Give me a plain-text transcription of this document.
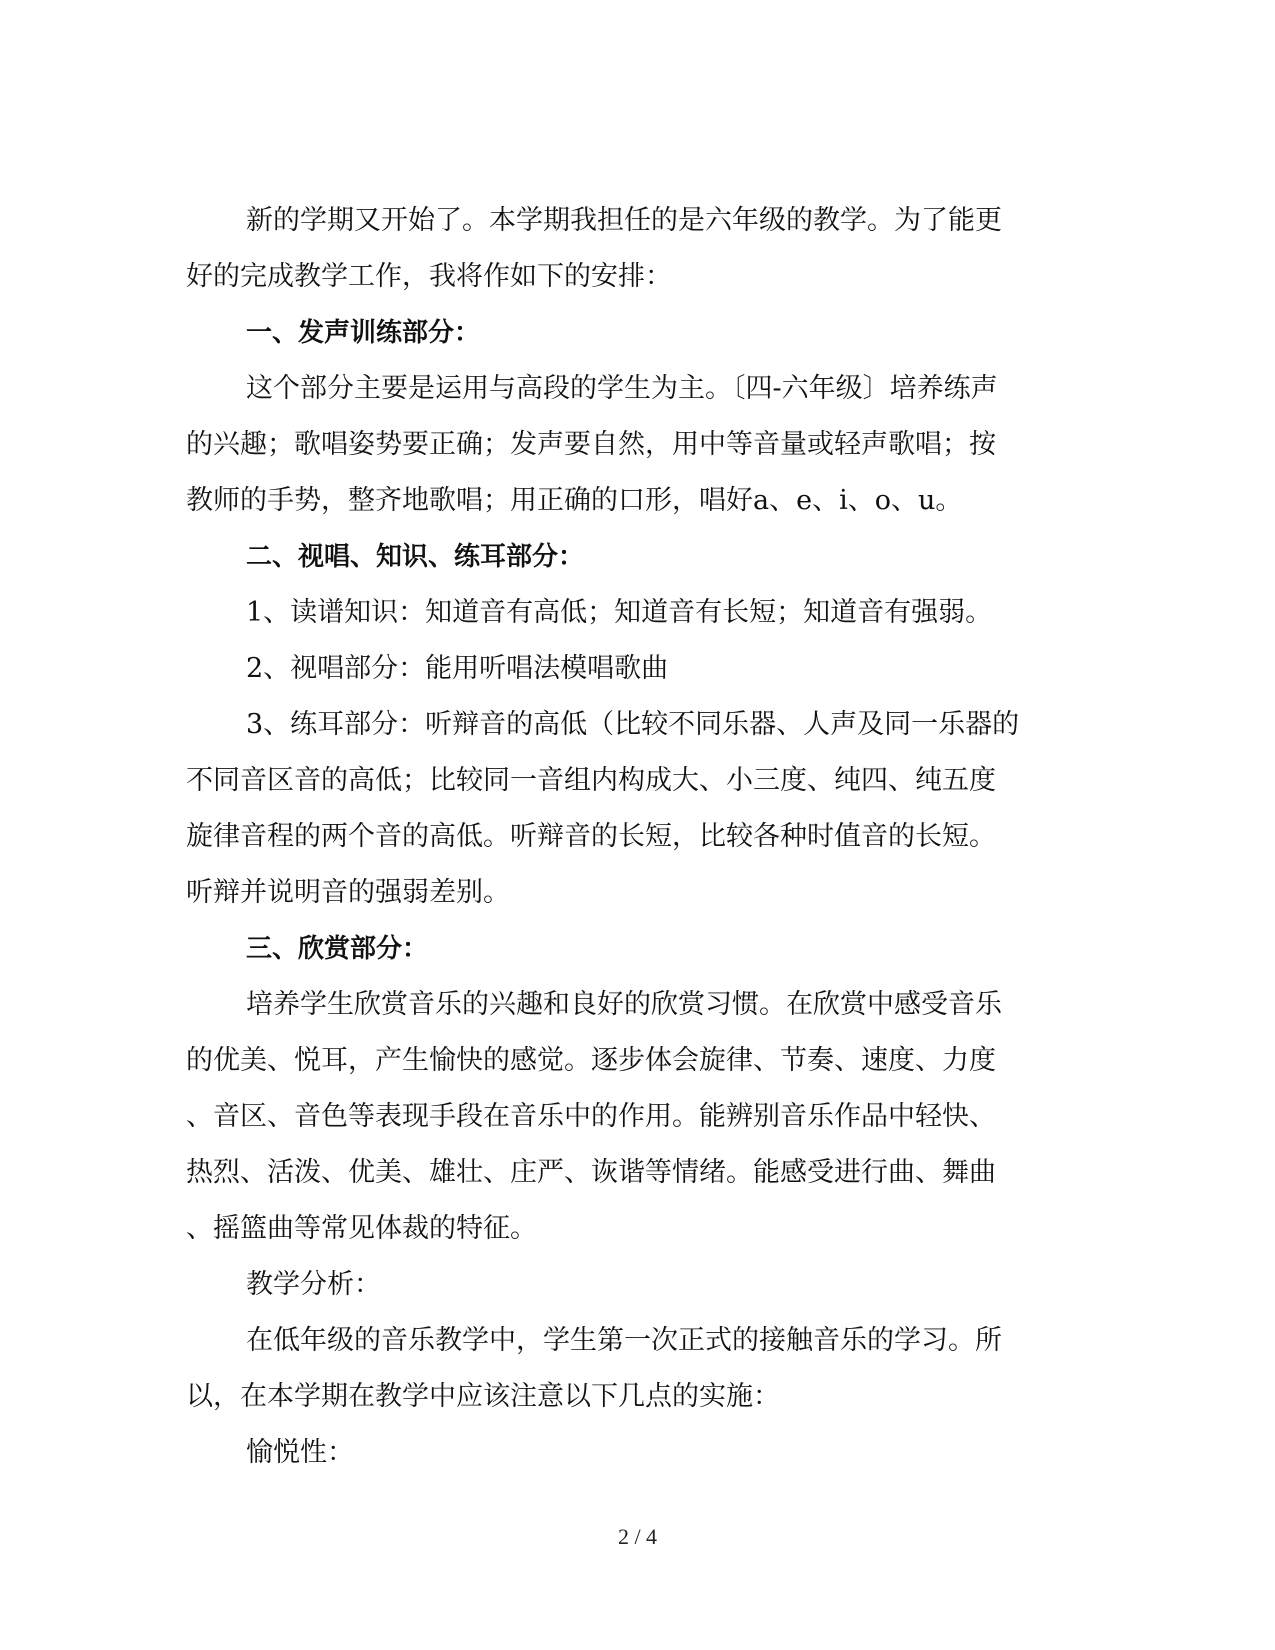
新的学期又开始了。本学期我担任的是六年级的教学。为了能更

好的完成教学工作，我将作如下的安排：

一、发声训练部分：

这个部分主要是运用与高段的学生为主。〔四-六年级〕培养练声

的兴趣；歌唱姿势要正确；发声要自然，用中等音量或轻声歌唱；按

教师的手势，整齐地歌唱；用正确的口形，唱好a、e、i、o、u。

二、视唱、知识、练耳部分：

1、读谱知识：知道音有高低；知道音有长短；知道音有强弱。

2、视唱部分：能用听唱法模唱歌曲

3、练耳部分：听辩音的高低（比较不同乐器、人声及同一乐器的

不同音区音的高低；比较同一音组内构成大、小三度、纯四、纯五度

旋律音程的两个音的高低。听辩音的长短，比较各种时值音的长短。

听辩并说明音的强弱差别。

三、欣赏部分：

培养学生欣赏音乐的兴趣和良好的欣赏习惯。在欣赏中感受音乐

的优美、悦耳，产生愉快的感觉。逐步体会旋律、节奏、速度、力度

、音区、音色等表现手段在音乐中的作用。能辨别音乐作品中轻快、

热烈、活泼、优美、雄壮、庄严、诙谐等情绪。能感受进行曲、舞曲

、摇篮曲等常见体裁的特征。

教学分析：

在低年级的音乐教学中，学生第一次正式的接触音乐的学习。所

以，在本学期在教学中应该注意以下几点的实施：

愉悦性：

2 / 4
